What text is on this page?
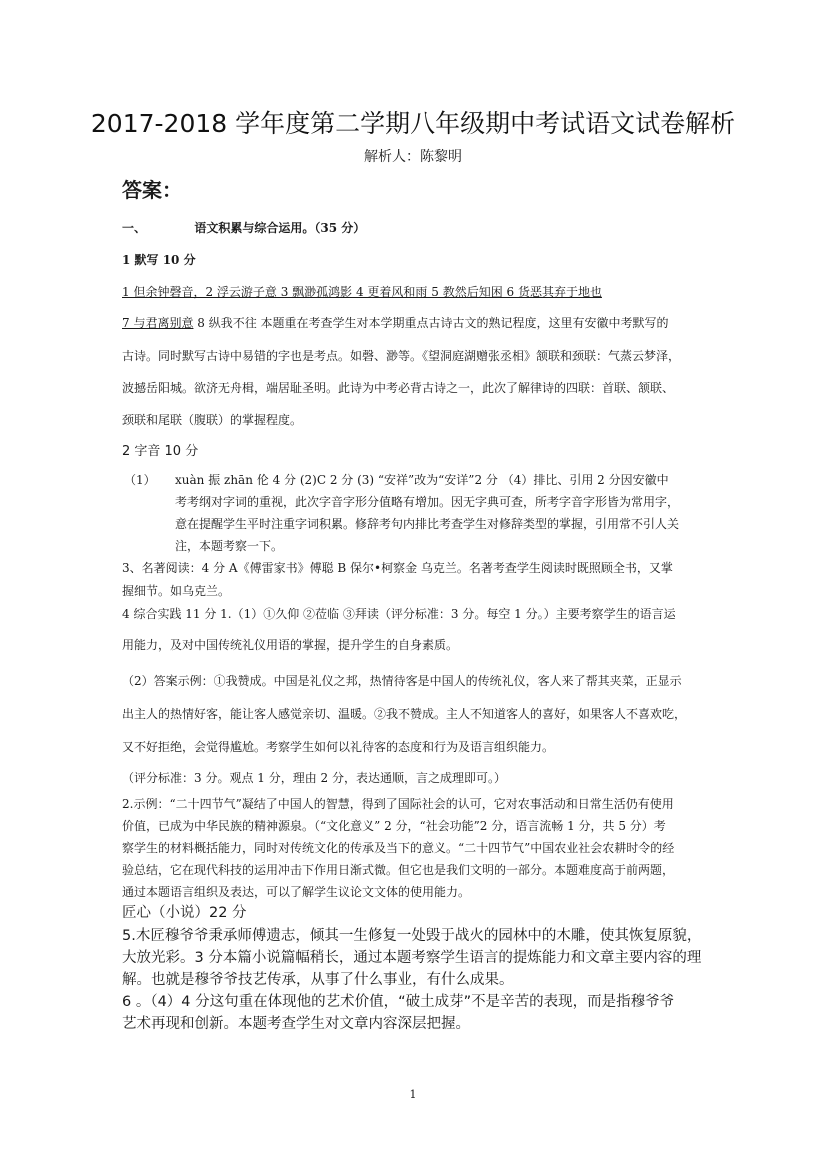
2017-2018 学年度第二学期八年级期中考试语文试卷解析
解析人：陈黎明
答案：
一、	语文积累与综合运用。（35 分）
1 默写 10 分
1 但余钟磬音，2 浮云游子意 3 飘渺孤鸿影 4 更着风和雨 5 教然后知困 6 货恶其弃于地也
7 与君离别意 8 纵我不往 本题重在考查学生对本学期重点古诗古文的熟记程度，这里有安徽中考默写的
古诗。同时默写古诗中易错的字也是考点。如磬、渺等。《望洞庭湖赠张丞相》颔联和颈联：气蒸云梦泽，
波撼岳阳城。欲济无舟楫，端居耻圣明。此诗为中考必背古诗之一，此次了解律诗的四联：首联、颔联、
颈联和尾联（腹联）的掌握程度。
2 字音 10 分
（1）	xuàn 振 zhān 伦 4 分 (2)C 2 分 (3) “安祥”改为“安详”2 分 （4）排比、引用 2 分因安徽中
考考纲对字词的重视，此次字音字形分值略有增加。因无字典可查，所考字音字形皆为常用字，
意在提醒学生平时注重字词积累。修辞考句内排比考查学生对修辞类型的掌握，引用常不引人关
注，本题考察一下。
3、名著阅读：4 分 A《傅雷家书》傅聪 B 保尔•柯察金 乌克兰。名著考查学生阅读时既照顾全书，又掌
握细节。如乌克兰。
4 综合实践 11 分 1.（1）①久仰 ②莅临 ③拜读（评分标准：3 分。每空 1 分。）主要考察学生的语言运
用能力，及对中国传统礼仪用语的掌握，提升学生的自身素质。
（2）答案示例：①我赞成。中国是礼仪之邦，热情待客是中国人的传统礼仪，客人来了帮其夹菜，正显示
出主人的热情好客，能让客人感觉亲切、温暖。②我不赞成。主人不知道客人的喜好，如果客人不喜欢吃，
又不好拒绝，会觉得尴尬。考察学生如何以礼待客的态度和行为及语言组织能力。
（评分标准：3 分。观点 1 分，理由 2 分，表达通顺，言之成理即可。）
2.示例：“二十四节气”凝结了中国人的智慧，得到了国际社会的认可，它对农事活动和日常生活仍有使用
价值，已成为中华民族的精神源泉。（“文化意义” 2 分，“社会功能”2 分，语言流畅 1 分，共 5 分）考
察学生的材料概括能力，同时对传统文化的传承及当下的意义。“二十四节气”中国农业社会农耕时令的经
验总结，它在现代科技的运用冲击下作用日渐式微。但它也是我们文明的一部分。本题难度高于前两题，
通过本题语言组织及表达，可以了解学生议论文文体的使用能力。
匠心（小说）22 分
5.木匠穆爷爷秉承师傅遗志，倾其一生修复一处毁于战火的园林中的木雕，使其恢复原貌，
大放光彩。3 分本篇小说篇幅稍长，通过本题考察学生语言的提炼能力和文章主要内容的理
解。也就是穆爷爷技艺传承，从事了什么事业，有什么成果。
6 。（4）4 分这句重在体现他的艺术价值，“破土成芽”不是辛苦的表现，而是指穆爷爷
艺术再现和创新。本题考查学生对文章内容深层把握。
1
